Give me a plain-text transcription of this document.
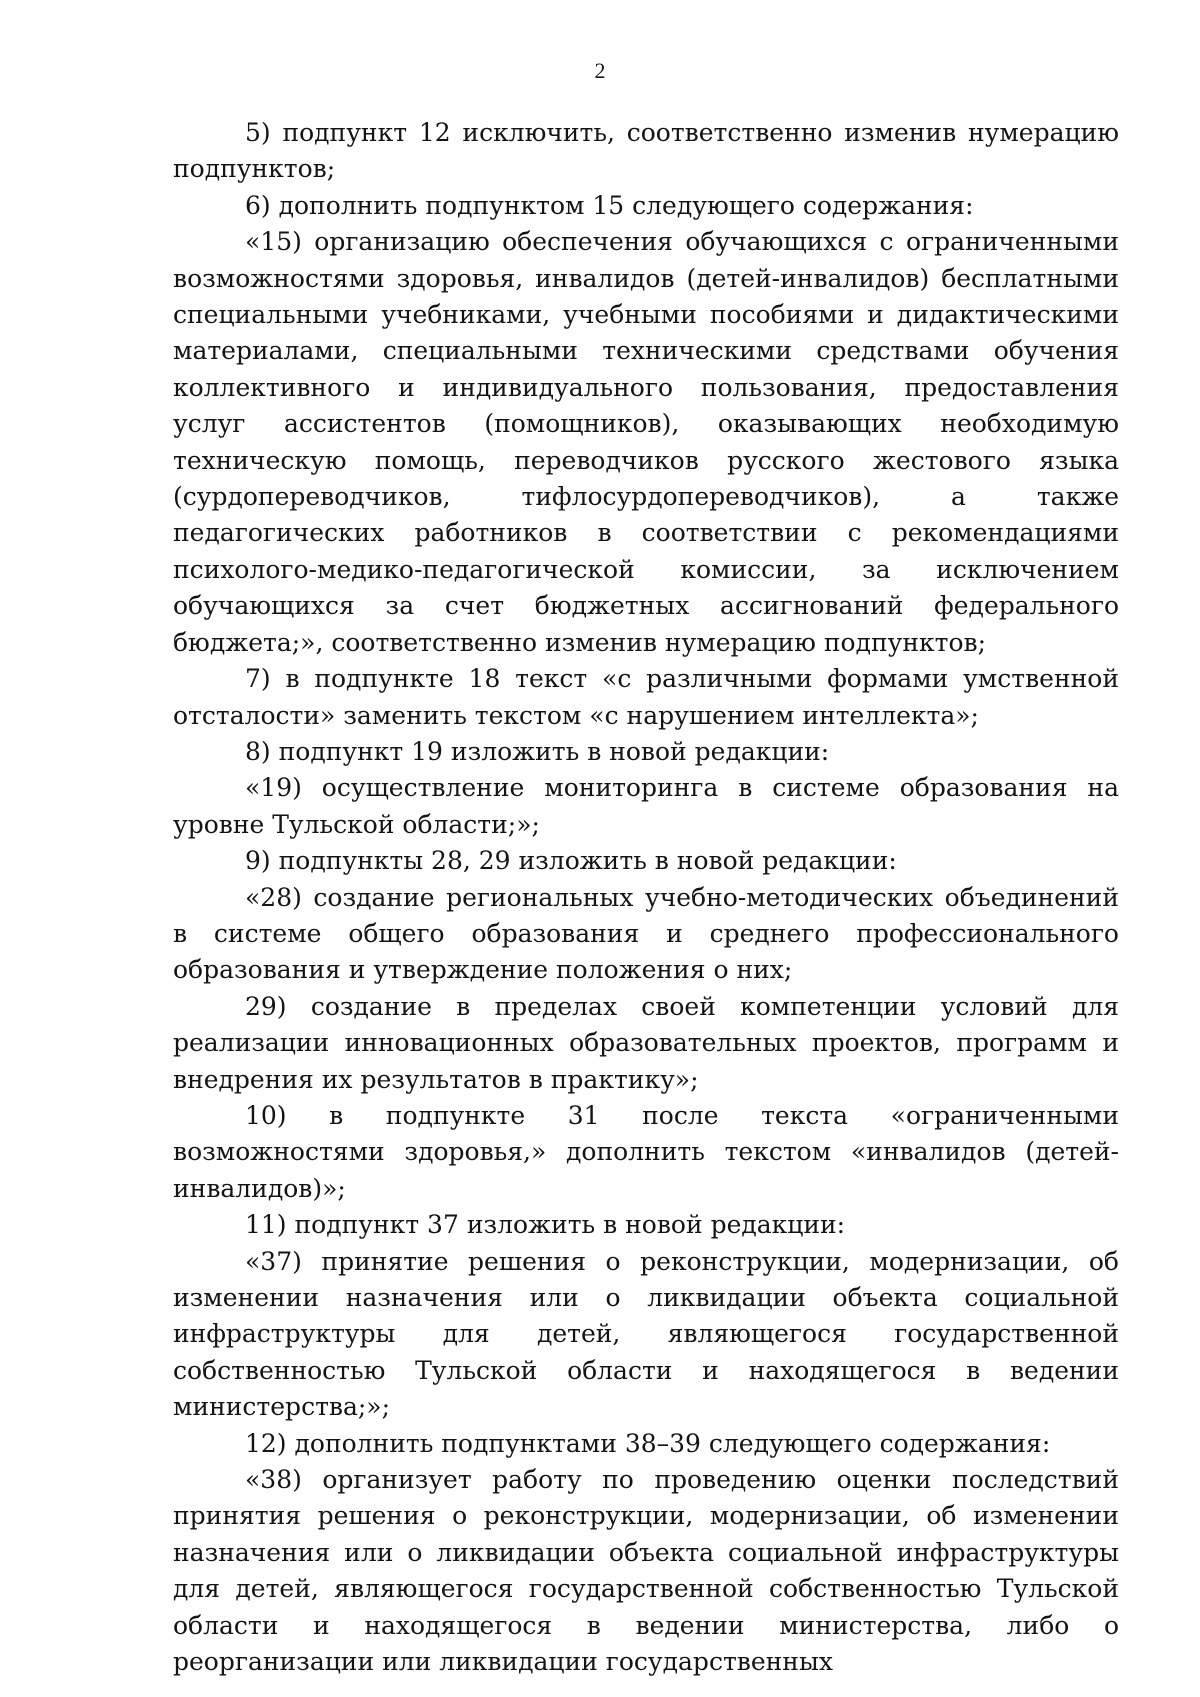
2

5) подпункт 12 исключить, соответственно изменив нумерацию подпунктов;

6) дополнить подпунктом 15 следующего содержания:

«15) организацию обеспечения обучающихся с ограниченными возможностями здоровья, инвалидов (детей-инвалидов) бесплатными специальными учебниками, учебными пособиями и дидактическими материалами, специальными техническими средствами обучения коллективного и индивидуального пользования, предоставления услуг ассистентов (помощников), оказывающих необходимую техническую помощь, переводчиков русского жестового языка (сурдопереводчиков, тифлосурдопереводчиков), а также педагогических работников в соответствии с рекомендациями психолого-медико-педагогической комиссии, за исключением обучающихся за счет бюджетных ассигнований федерального бюджета;», соответственно изменив нумерацию подпунктов;

7) в подпункте 18 текст «с различными формами умственной отсталости» заменить текстом «с нарушением интеллекта»;

8) подпункт 19 изложить в новой редакции:

«19) осуществление мониторинга в системе образования на уровне Тульской области;»;

9) подпункты 28, 29 изложить в новой редакции:

«28) создание региональных учебно-методических объединений в системе общего образования и среднего профессионального образования и утверждение положения о них;

29) создание в пределах своей компетенции условий для реализации инновационных образовательных проектов, программ и внедрения их результатов в практику»;

10) в подпункте 31 после текста «ограниченными возможностями здоровья,» дополнить текстом «инвалидов (детей-инвалидов)»;

11) подпункт 37 изложить в новой редакции:

«37) принятие решения о реконструкции, модернизации, об изменении назначения или о ликвидации объекта социальной инфраструктуры для детей, являющегося государственной собственностью Тульской области и находящегося в ведении министерства;»;

12) дополнить подпунктами 38–39 следующего содержания:

«38) организует работу по проведению оценки последствий принятия решения о реконструкции, модернизации, об изменении назначения или о ликвидации объекта социальной инфраструктуры для детей, являющегося государственной собственностью Тульской области и находящегося в ведении министерства, либо о реорганизации или ликвидации государственных
